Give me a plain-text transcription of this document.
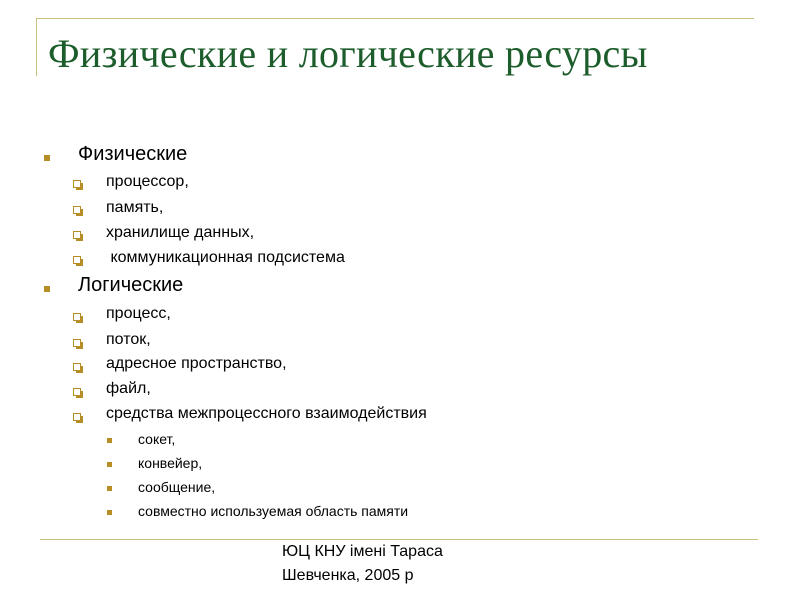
Физические и логические ресурсы
Физические
процессор,
память,
хранилище данных,
коммуникационная подсистема
Логические
процесс,
поток,
адресное пространство,
файл,
средства межпроцессного взаимодействия
сокет,
конвейер,
сообщение,
совместно используемая область памяти
ЮЦ КНУ імені Тараса
Шевченка, 2005 р
